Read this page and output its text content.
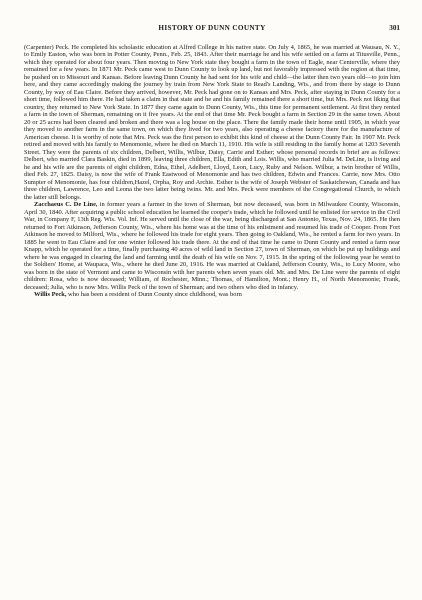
HISTORY OF DUNN COUNTY	301

(Carpenter) Peck. He completed his scholastic education at Alfred College in his native state. On July 4, 1865, he was married at Wausau, N. Y., to Emily Easton, who was born in Potter County, Penn., Feb. 25, 1843. After their marriage he and his wife settled on a farm at Titusville, Penn., which they operated for about four years. Then moving to New York state they bought a farm in the town of Eagle, near Centerville, where they remained for a few years. In 1871 Mr. Peck came west to Dunn County to look up land, but not favorably impressed with the region at that time, he pushed on to Missouri and Kansas. Before leaving Dunn County he had sent for his wife and child—the latter then two years old—to join him here, and they came accordingly making the journey by train from New York State to Read's Landing, Wis., and from there by stage to Dunn County, by way of Eau Claire. Before they arrived, however, Mr. Peck had gone on to Kansas and Mrs. Peck, after staying in Dunn County for a short time, followed him there. He had taken a claim in that state and he and his family remained there a short time, but Mrs. Peck not liking that country, they returned to New York State. In 1877 they came again to Dunn County, Wis., this time for permanent settlement. At first they rented a farm in the town of Sherman, remaining on it five years. At the end of that time Mr. Peck bought a farm in Section 29 in the same town. About 20 or 25 acres had been cleared and broken and there was a log house on the place. There the family made their home until 1905, in which year they moved to another farm in the same town, on which they lived for two years, also operating a cheese factory there for the manufacture of American cheese. It is worthy of note that Mrs. Peck was the first person to exhibit this kind of cheese at the Dunn County Fair. In 1907 Mr. Peck retired and moved with his family to Menomonie, where he died on March 11, 1910. His wife is still residing in the family home at 1203 Seventh Street. They were the parents of six children, Delbert, Willis, Wilbur, Daisy, Carrie and Esther; whose personal records in brief are as follows: Delbert, who married Clara Baskin, died in 1899, leaving three children, Ella, Edith and Lois. Willis, who married Julia M. DeLine, is living and he and his wife are the parents of eight children, Edna, Ethel, Adelbert, Lloyd, Leon, Lucy, Ruby and Nelson. Wilbur, a twin brother of Willis, died Feb. 27, 1825. Daisy, is now the wife of Frank Eastwood of Menomonie and has two children, Edwin and Frances. Carrie, now Mrs. Otto Sumpter of Menomonie, has four children,Hazel, Orpha, Roy and Archie. Esther is the wife of Joseph Webster of Saskatchewan, Canada and has three children, Lawrence, Leo and Leona the two latter being twins. Mr. and Mrs. Peck were members of the Congregational Church, to which the latter still belongs.

Zacchaeus C. De Line, in former years a farmer in the town of Sherman, but now deceased, was born in Milwaukee County, Wisconsin, April 30, 1840. After acquiring a public school education he learned the cooper's trade, which he followed until he enlisted for service in the Civil War, in Company F, 13th Reg. Wis. Vol. Inf. He served until the close of the war, being discharged at San Antonio, Texas, Nov. 24, 1865. He then returned to Fort Atkinson, Jefferson County, Wis., where his home was at the time of his enlistment and resumed his trade of Cooper. From Fort Atkinson he moved to Milford, Wis., where he followed his trade for eight years. Then going to Oakland, Wis., he rented a farm for two years. In 1885 he went to Eau Claire and for one winter followed his trade there. At the end of that time he came to Dunn County and rented a farm near Knapp, which he operated for a time, finally purchasing 40 acres of wild land in Section 27, town of Sherman, on which he put up buildings and where he was engaged in clearing the land and farming until the death of his wife on Nov. 7, 1915. In the spring of the following year he went to the Soldiers' Home, at Waupaca, Wis., where he died June 20, 1916. He was married at Oakland, Jefferson County, Wis., to Lucy Moore, who was born in the state of Vermont and came to Wisconsin with her parents when seven years old. Mr. and Mrs. De Line were the parents of eight children: Rosa, who is now deceased; William, of Rochester, Minn.; Thomas, of Hamilton, Mont.; Henry H., of North Menomonie; Frank, deceased; Julia, who is now Mrs. Willis Peck of the town of Sherman; and two others who died in infancy.

Willis Peck, who has been a resident of Dunn County since childhood, was born
